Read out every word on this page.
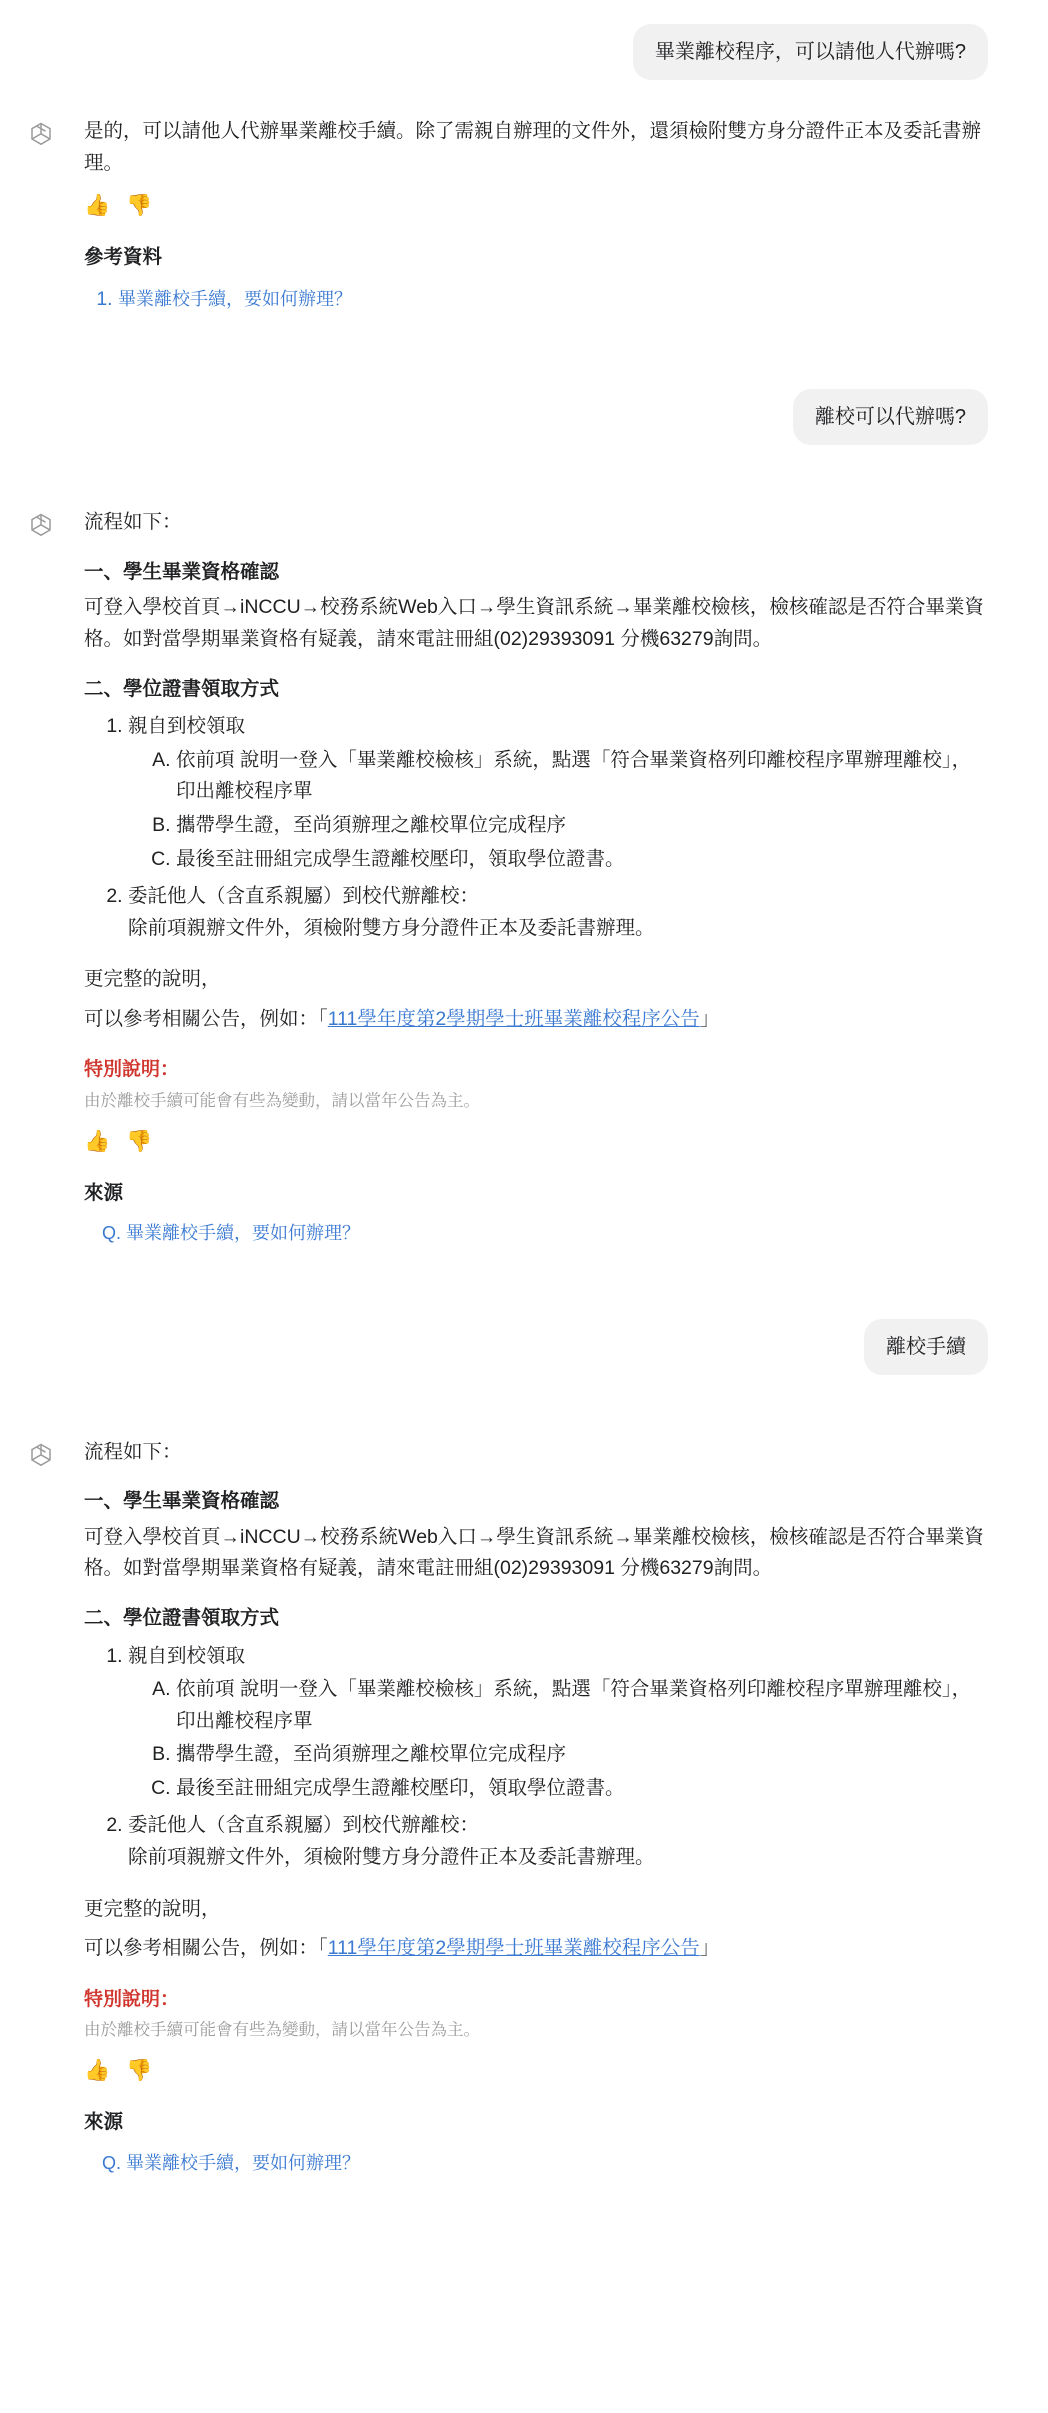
畢業離校程序，可以請他人代辦嗎?

是的，可以請他人代辦畢業離校手續。除了需親自辦理的文件外，還須檢附雙方身分證件正本及委託書辦理。

👍 👎
參考資料
1. 畢業離校手續，要如何辦理？
離校可以代辦嗎?

流程如下：

一、學生畢業資格確認

可登入學校首頁→iNCCU→校務系統Web入口→學生資訊系統→畢業離校檢核，檢核確認是否符合畢業資格。如對當學期畢業資格有疑義，請來電註冊組(02)29393091 分機63279詢問。

二、學位證書領取方式
1. 親自到校領取
A. 依前項 說明一登入「畢業離校檢核」系統，點選「符合畢業資格列印離校程序單辦理離校」，印出離校程序單
B. 攜帶學生證，至尚須辦理之離校單位完成程序
C. 最後至註冊組完成學生證離校壓印，領取學位證書。
2. 委託他人（含直系親屬）到校代辦離校：
除前項親辦文件外，須檢附雙方身分證件正本及委託書辦理。

更完整的說明，

可以參考相關公告，例如：「111學年度第2學期學士班畢業離校程序公告」

特別說明：
由於離校手續可能會有些為變動，請以當年公告為主。
👍 👎
來源
Q. 畢業離校手續，要如何辦理？
離校手續

流程如下：

一、學生畢業資格確認

可登入學校首頁→iNCCU→校務系統Web入口→學生資訊系統→畢業離校檢核，檢核確認是否符合畢業資格。如對當學期畢業資格有疑義，請來電註冊組(02)29393091 分機63279詢問。

二、學位證書領取方式
1. 親自到校領取
A. 依前項 說明一登入「畢業離校檢核」系統，點選「符合畢業資格列印離校程序單辦理離校」，印出離校程序單
B. 攜帶學生證，至尚須辦理之離校單位完成程序
C. 最後至註冊組完成學生證離校壓印，領取學位證書。
2. 委託他人（含直系親屬）到校代辦離校：
除前項親辦文件外，須檢附雙方身分證件正本及委託書辦理。

更完整的說明，

可以參考相關公告，例如：「111學年度第2學期學士班畢業離校程序公告」

特別說明：
由於離校手續可能會有些為變動，請以當年公告為主。
👍 👎
來源
Q. 畢業離校手續，要如何辦理？
